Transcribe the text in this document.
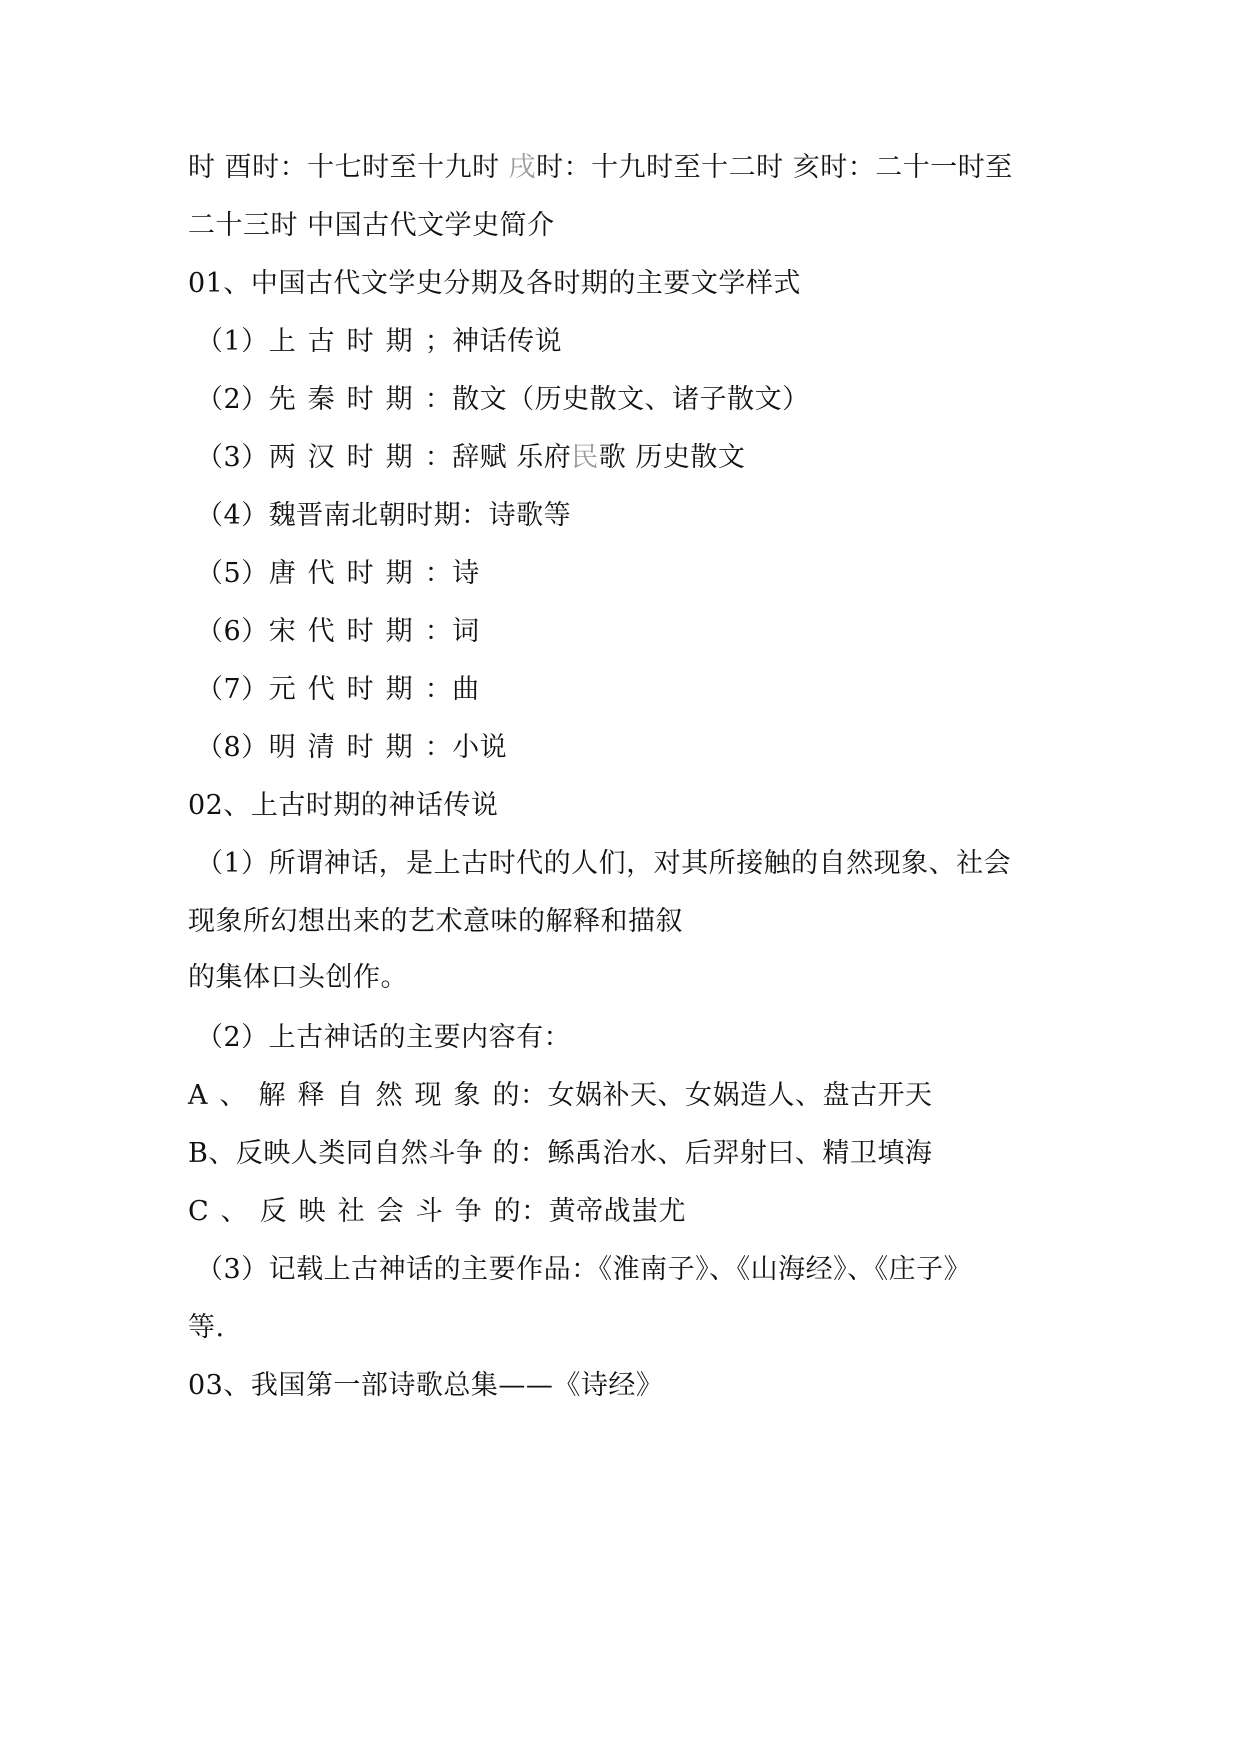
时 酉时：十七时至十九时 戌时：十九时至十二时 亥时：二十一时至
二十三时 中国古代文学史简介
01、中国古代文学史分期及各时期的主要文学样式
（1）上古时期；神话传说
（2）先秦时期：散文（历史散文、诸子散文）
（3）两汉时期：辞赋 乐府民歌 历史散文
（4）魏晋南北朝时期：诗歌等
（5）唐代时期：诗
（6）宋代时期：词
（7）元代时期：曲
（8）明清时期：小说
02、上古时期的神话传说
（1）所谓神话，是上古时代的人们，对其所接触的自然现象、社会
现象所幻想出来的艺术意味的解释和描叙
的集体口头创作。
（2）上古神话的主要内容有：
A、解释自然现象的：女娲补天、女娲造人、盘古开天
B、反映人类同自然斗争 的：鲧禹治水、后羿射曰、精卫填海
C、反映社会斗争的：黄帝战蚩尤
（3）记载上古神话的主要作品：《淮南子》、《山海经》、《庄子》
等.
03、我国第一部诗歌总集——《诗经》
